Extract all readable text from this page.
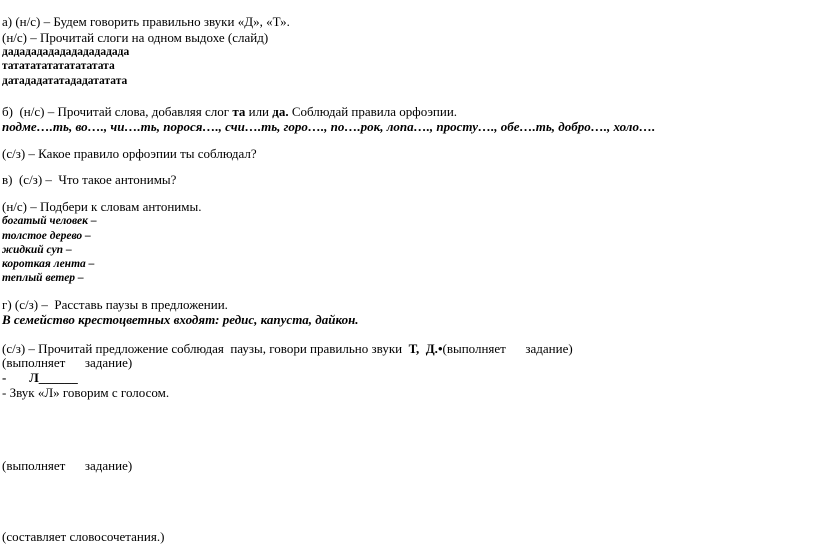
а) (н/с) – Будем говорить правильно звуки «Д», «Т».
(н/с) – Прочитай слоги на одном выдохе (слайд)
дадададададададададада
тататататататататата
датададататададататата
б)  (н/с) – Прочитай слова, добавляя слог та или да. Соблюдай правила орфоэпии.
подме….ть, во…., чи….ть, порося…., счи….ть, горо…., по….рок, лопа…., просту…., обе….ть, добро…., холо….
(с/з) – Какое правило орфоэпии ты соблюдал?
в)  (с/з) –  Что такое антонимы?
(н/с) – Подбери к словам антонимы.
богатый человек –
толстое дерево –
жидкий суп –
короткая лента –
теплый ветер –
г) (с/з) –  Расставь паузы в предложении.
В семейство крестоцветных входят: редис, капуста, дайкон.
(с/з) – Прочитай предложение соблюдая  паузы, говори правильно звуки  Т,  Д.•(выполняет      задание)
(выполняет      задание)
-       Л______
- Звук «Л» говорим с голосом.
(выполняет      задание)
(составляет словосочетания.)
